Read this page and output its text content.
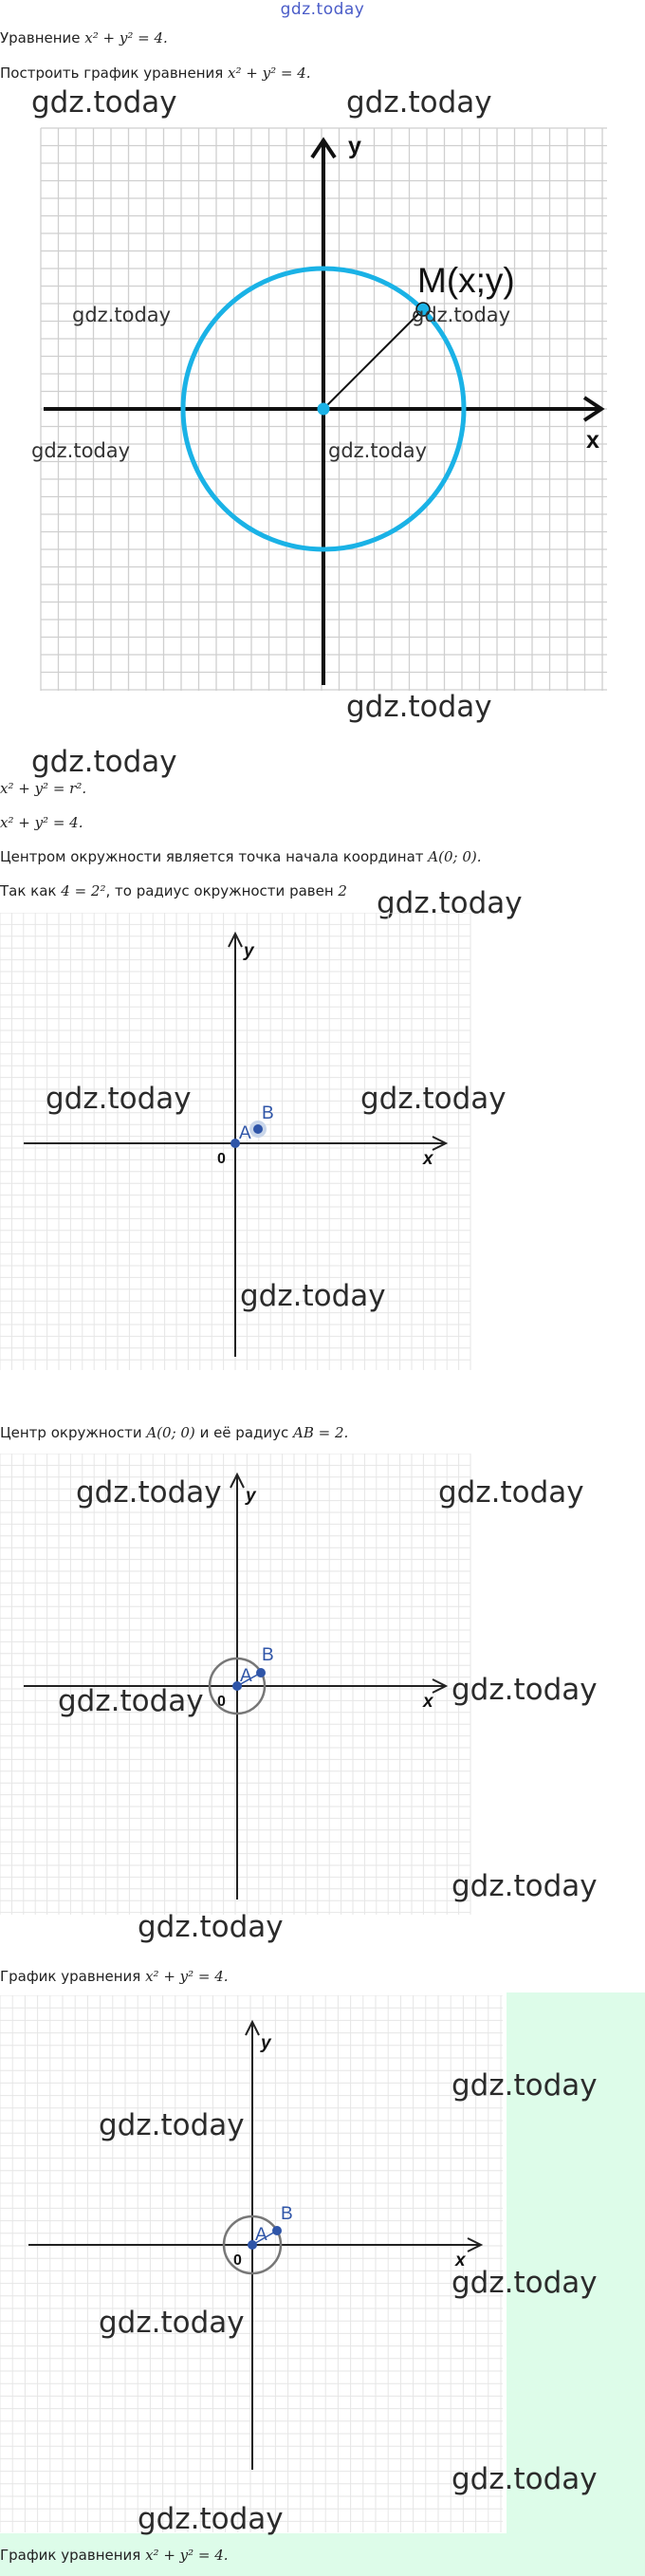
gdz.today
Уравнение x² + y² = 4.
Построить график уравнения x² + y² = 4.
gdz.today	gdz.today
M(x;y)
y
x
gdz.today	gdz.today
gdz.today	gdz.today
gdz.today
gdz.today
x² + y² = r².
x² + y² = 4.
Центром окружности является точка начала координат A(0; 0).
Так как 4 = 2², то радиус окружности равен 2 gdz.today
A
B
0
y
x
gdz.today	gdz.today
gdz.today
Центр окружности A(0; 0) и её радиус AB = 2.
A
B
0
y
x
gdz.today	gdz.today
gdz.today
gdz.today
gdz.today
gdz.today
График уравнения x² + y² = 4.
A
B
0
y
x
gdz.today
gdz.today
gdz.today
gdz.today
gdz.today
gdz.today
График уравнения x² + y² = 4.
